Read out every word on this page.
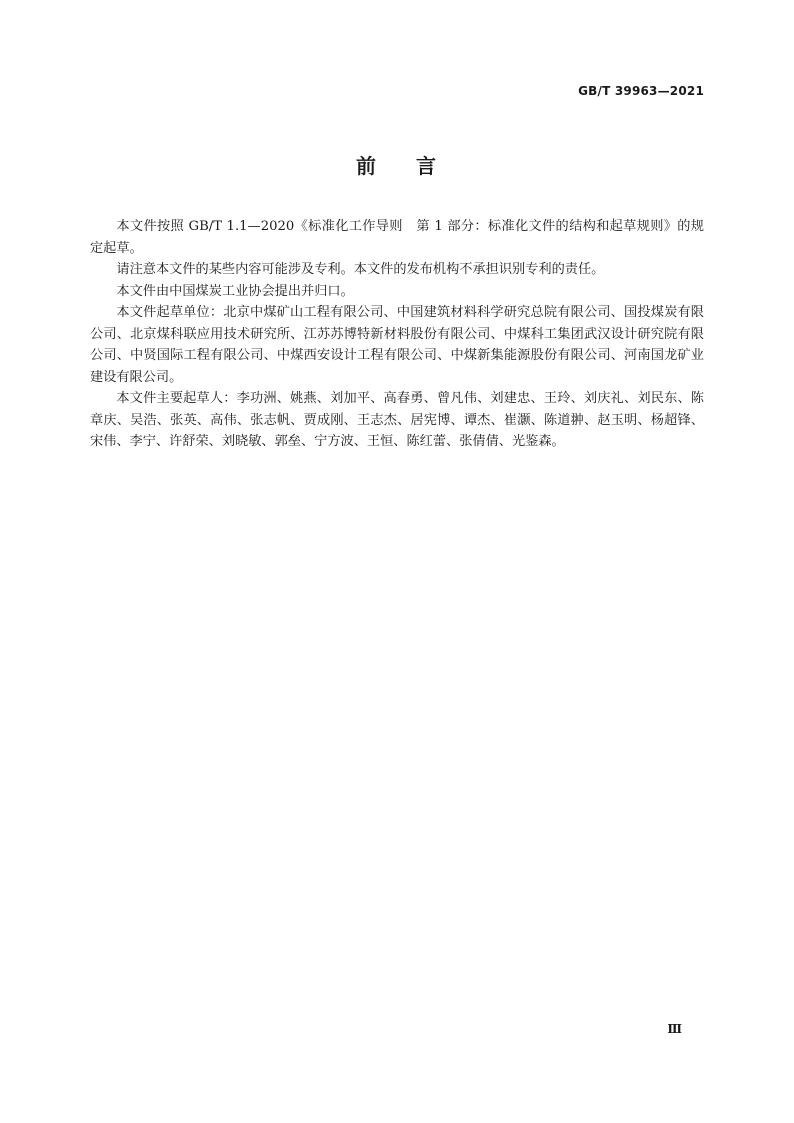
GB/T 39963—2021
前 言

本文件按照 GB/T 1.1—2020《标准化工作导则　第 1 部分：标准化文件的结构和起草规则》的规定起草。

请注意本文件的某些内容可能涉及专利。本文件的发布机构不承担识别专利的责任。

本文件由中国煤炭工业协会提出并归口。

本文件起草单位：北京中煤矿山工程有限公司、中国建筑材料科学研究总院有限公司、国投煤炭有限公司、北京煤科联应用技术研究所、江苏苏博特新材料股份有限公司、中煤科工集团武汉设计研究院有限公司、中贤国际工程有限公司、中煤西安设计工程有限公司、中煤新集能源股份有限公司、河南国龙矿业建设有限公司。

本文件主要起草人：李功洲、姚燕、刘加平、高春勇、曾凡伟、刘建忠、王玲、刘庆礼、刘民东、陈章庆、吴浩、张英、高伟、张志帆、贾成刚、王志杰、居宪博、谭杰、崔灏、陈道翀、赵玉明、杨超锋、宋伟、李宁、许舒荣、刘晓敏、郭垒、宁方波、王恒、陈红蕾、张倩倩、光鉴森。

Ⅲ
